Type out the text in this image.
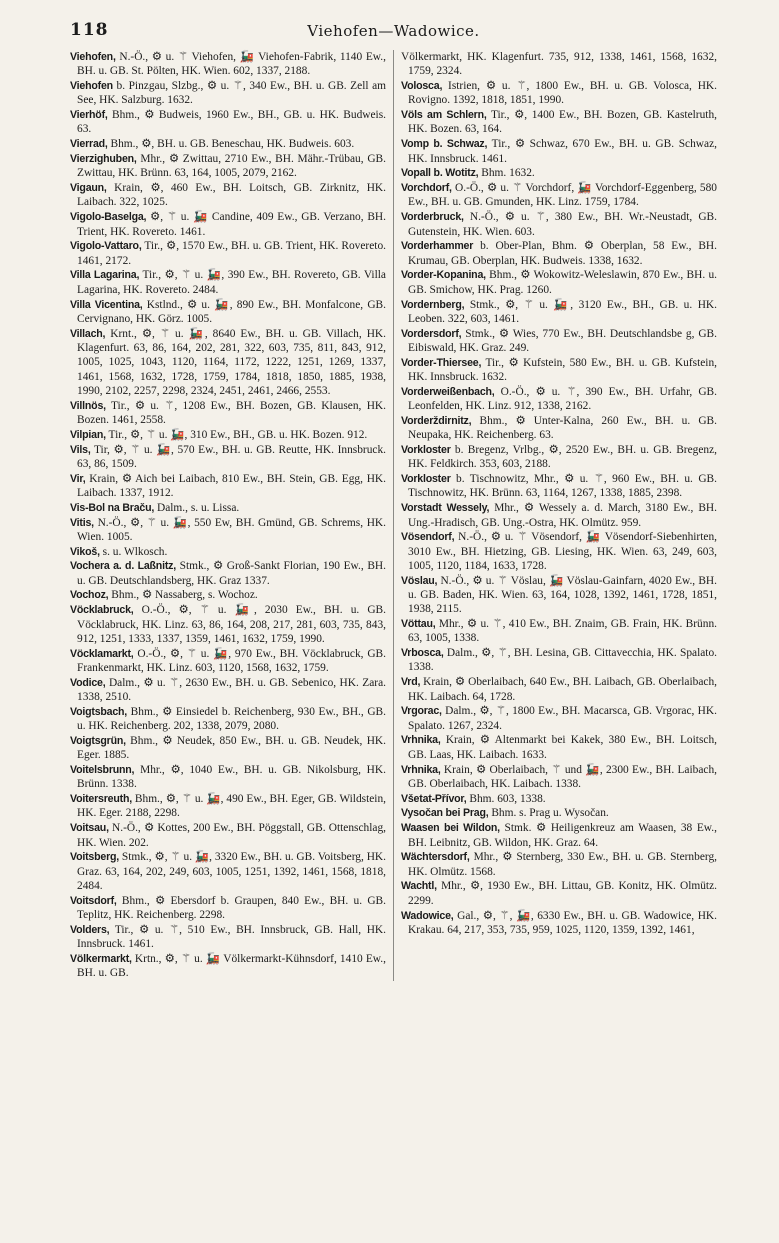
118	Viehofen—Wadowice.

Viehofen, N.-Ö., ⚙ u. ⚚ Viehofen, 🚂 Viehofen-Fabrik, 1140 Ew., BH. u. GB. St. Pölten, HK. Wien. 602, 1337, 2188.

Viehofen b. Pinzgau, Slzbg., ⚙ u. ⚚, 340 Ew., BH. u. GB. Zell am See, HK. Salzburg. 1632.

Vierhöf, Bhm., ⚙ Budweis, 1960 Ew., BH., GB. u. HK. Budweis. 63.

Vierrad, Bhm., ⚙, BH. u. GB. Beneschau, HK. Budweis. 603.

Vierzighuben, Mhr., ⚙ Zwittau, 2710 Ew., BH. Mähr.-Trübau, GB. Zwittau, HK. Brünn. 63, 164, 1005, 2079, 2162.

Vigaun, Krain, ⚙, 460 Ew., BH. Loitsch, GB. Zirknitz, HK. Laibach. 322, 1025.

Vigolo-Baselga, ⚙, ⚚ u. 🚂 Candine, 409 Ew., GB. Verzano, BH. Trient, HK. Rovereto. 1461.

Vigolo-Vattaro, Tir., ⚙, 1570 Ew., BH. u. GB. Trient, HK. Rovereto. 1461, 2172.

Villa Lagarina, Tir., ⚙, ⚚ u. 🚂, 390 Ew., BH. Rovereto, GB. Villa Lagarina, HK. Rovereto. 2484.

Villa Vicentina, Kstlnd., ⚙ u. 🚂, 890 Ew., BH. Monfalcone, GB. Cervignano, HK. Görz. 1005.

Villach, Krnt., ⚙, ⚚ u. 🚂, 8640 Ew., BH. u. GB. Villach, HK. Klagenfurt. 63, 86, 164, 202, 281, 322, 603, 735, 811, 843, 912, 1005, 1025, 1043, 1120, 1164, 1172, 1222, 1251, 1269, 1337, 1461, 1568, 1632, 1728, 1759, 1784, 1818, 1850, 1885, 1938, 1990, 2102, 2257, 2298, 2324, 2451, 2461, 2466, 2553.

Villnös, Tir., ⚙ u. ⚚, 1208 Ew., BH. Bozen, GB. Klausen, HK. Bozen. 1461, 2558.

Vilpian, Tir., ⚙, ⚚ u. 🚂, 310 Ew., BH., GB. u. HK. Bozen. 912.

Vils, Tir, ⚙, ⚚ u. 🚂, 570 Ew., BH. u. GB. Reutte, HK. Innsbruck. 63, 86, 1509.

Vir, Krain, ⚙ Aich bei Laibach, 810 Ew., BH. Stein, GB. Egg, HK. Laibach. 1337, 1912.

Vis-Bol na Braču, Dalm., s. u. Lissa.

Vitis, N.-Ö., ⚙, ⚚ u. 🚂, 550 Ew, BH. Gmünd, GB. Schrems, HK. Wien. 1005.

Vikoš, s. u. Wlkosch.

Vochera a. d. Laßnitz, Stmk., ⚙ Groß-Sankt Florian, 190 Ew., BH. u. GB. Deutschlandsberg, HK. Graz 1337.

Vochoz, Bhm., ⚙ Nassaberg, s. Wochoz.

Vöcklabruck, O.-Ö., ⚙, ⚚ u. 🚂, 2030 Ew., BH. u. GB. Vöcklabruck, HK. Linz. 63, 86, 164, 208, 217, 281, 603, 735, 843, 912, 1251, 1333, 1337, 1359, 1461, 1632, 1759, 1990.

Vöcklamarkt, O.-Ö., ⚙, ⚚ u. 🚂, 970 Ew., BH. Vöcklabruck, GB. Frankenmarkt, HK. Linz. 603, 1120, 1568, 1632, 1759.

Vodice, Dalm., ⚙ u. ⚚, 2630 Ew., BH. u. GB. Sebenico, HK. Zara. 1338, 2510.

Voigtsbach, Bhm., ⚙ Einsiedel b. Reichenberg, 930 Ew., BH., GB. u. HK. Reichenberg. 202, 1338, 2079, 2080.

Voigtsgrün, Bhm., ⚙ Neudek, 850 Ew., BH. u. GB. Neudek, HK. Eger. 1885.

Voitelsbrunn, Mhr., ⚙, 1040 Ew., BH. u. GB. Nikolsburg, HK. Brünn. 1338.

Voitersreuth, Bhm., ⚙, ⚚ u. 🚂, 490 Ew., BH. Eger, GB. Wildstein, HK. Eger. 2188, 2298.

Voitsau, N.-Ö., ⚙ Kottes, 200 Ew., BH. Pöggstall, GB. Ottenschlag, HK. Wien. 202.

Voitsberg, Stmk., ⚙, ⚚ u. 🚂, 3320 Ew., BH. u. GB. Voitsberg, HK. Graz. 63, 164, 202, 249, 603, 1005, 1251, 1392, 1461, 1568, 1818, 2484.

Voitsdorf, Bhm., ⚙ Ebersdorf b. Graupen, 840 Ew., BH. u. GB. Teplitz, HK. Reichenberg. 2298.

Volders, Tir., ⚙ u. ⚚, 510 Ew., BH. Innsbruck, GB. Hall, HK. Innsbruck. 1461.

Völkermarkt, Krtn., ⚙, ⚚ u. 🚂 Völkermarkt-Kühnsdorf, 1410 Ew., BH. u. GB.

Völkermarkt, HK. Klagenfurt. 735, 912, 1338, 1461, 1568, 1632, 1759, 2324.

Volosca, Istrien, ⚙ u. ⚚, 1800 Ew., BH. u. GB. Volosca, HK. Rovigno. 1392, 1818, 1851, 1990.

Völs am Schlern, Tir., ⚙, 1400 Ew., BH. Bozen, GB. Kastelruth, HK. Bozen. 63, 164.

Vomp b. Schwaz, Tir., ⚙ Schwaz, 670 Ew., BH. u. GB. Schwaz, HK. Innsbruck. 1461.

Vopall b. Wotitz, Bhm. 1632.

Vorchdorf, O.-Ö., ⚙ u. ⚚ Vorchdorf, 🚂 Vorchdorf-Eggenberg, 580 Ew., BH. u. GB. Gmunden, HK. Linz. 1759, 1784.

Vorderbruck, N.-Ö., ⚙ u. ⚚, 380 Ew., BH. Wr.-Neustadt, GB. Gutenstein, HK. Wien. 603.

Vorderhammer b. Ober-Plan, Bhm. ⚙ Oberplan, 58 Ew., BH. Krumau, GB. Oberplan, HK. Budweis. 1338, 1632.

Vorder-Kopanina, Bhm., ⚙ Wokowitz-Weleslawin, 870 Ew., BH. u. GB. Smichow, HK. Prag. 1260.

Vordernberg, Stmk., ⚙, ⚚ u. 🚂, 3120 Ew., BH., GB. u. HK. Leoben. 322, 603, 1461.

Vordersdorf, Stmk., ⚙ Wies, 770 Ew., BH. Deutschlandsbe g, GB. Eibiswald, HK. Graz. 249.

Vorder-Thiersee, Tir., ⚙ Kufstein, 580 Ew., BH. u. GB. Kufstein, HK. Innsbruck. 1632.

Vorderweißenbach, O.-Ö., ⚙ u. ⚚, 390 Ew., BH. Urfahr, GB. Leonfelden, HK. Linz. 912, 1338, 2162.

Vorderždirnitz, Bhm., ⚙ Unter-Kalna, 260 Ew., BH. u. GB. Neupaka, HK. Reichenberg. 63.

Vorkloster b. Bregenz, Vrlbg., ⚙, 2520 Ew., BH. u. GB. Bregenz, HK. Feldkirch. 353, 603, 2188.

Vorkloster b. Tischnowitz, Mhr., ⚙ u. ⚚, 960 Ew., BH. u. GB. Tischnowitz, HK. Brünn. 63, 1164, 1267, 1338, 1885, 2398.

Vorstadt Wessely, Mhr., ⚙ Wessely a. d. March, 3180 Ew., BH. Ung.-Hradisch, GB. Ung.-Ostra, HK. Olmütz. 959.

Vösendorf, N.-Ö., ⚙ u. ⚚ Vösendorf, 🚂 Vösendorf-Siebenhirten, 3010 Ew., BH. Hietzing, GB. Liesing, HK. Wien. 63, 249, 603, 1005, 1120, 1184, 1633, 1728.

Vöslau, N.-Ö., ⚙ u. ⚚ Vöslau, 🚂 Vöslau-Gainfarn, 4020 Ew., BH. u. GB. Baden, HK. Wien. 63, 164, 1028, 1392, 1461, 1728, 1851, 1938, 2115.

Vöttau, Mhr., ⚙ u. ⚚, 410 Ew., BH. Znaim, GB. Frain, HK. Brünn. 63, 1005, 1338.

Vrbosca, Dalm., ⚙, ⚚, BH. Lesina, GB. Cittavecchia, HK. Spalato. 1338.

Vrd, Krain, ⚙ Oberlaibach, 640 Ew., BH. Laibach, GB. Oberlaibach, HK. Laibach. 64, 1728.

Vrgorac, Dalm., ⚙, ⚚, 1800 Ew., BH. Macarsca, GB. Vrgorac, HK. Spalato. 1267, 2324.

Vrhnika, Krain, ⚙ Altenmarkt bei Kakek, 380 Ew., BH. Loitsch, GB. Laas, HK. Laibach. 1633.

Vrhnika, Krain, ⚙ Oberlaibach, ⚚ und 🚂, 2300 Ew., BH. Laibach, GB. Oberlaibach, HK. Laibach. 1338.

Všetat-Přívor, Bhm. 603, 1338.

Vysočan bei Prag, Bhm. s. Prag u. Wysočan.

Waasen bei Wildon, Stmk. ⚙ Heiligenkreuz am Waasen, 38 Ew., BH. Leibnitz, GB. Wildon, HK. Graz. 64.

Wächtersdorf, Mhr., ⚙ Sternberg, 330 Ew., BH. u. GB. Sternberg, HK. Olmütz. 1568.

Wachtl, Mhr., ⚙, 1930 Ew., BH. Littau, GB. Konitz, HK. Olmütz. 2299.

Wadowice, Gal., ⚙, ⚚, 🚂, 6330 Ew., BH. u. GB. Wadowice, HK. Krakau. 64, 217, 353, 735, 959, 1025, 1120, 1359, 1392, 1461,
